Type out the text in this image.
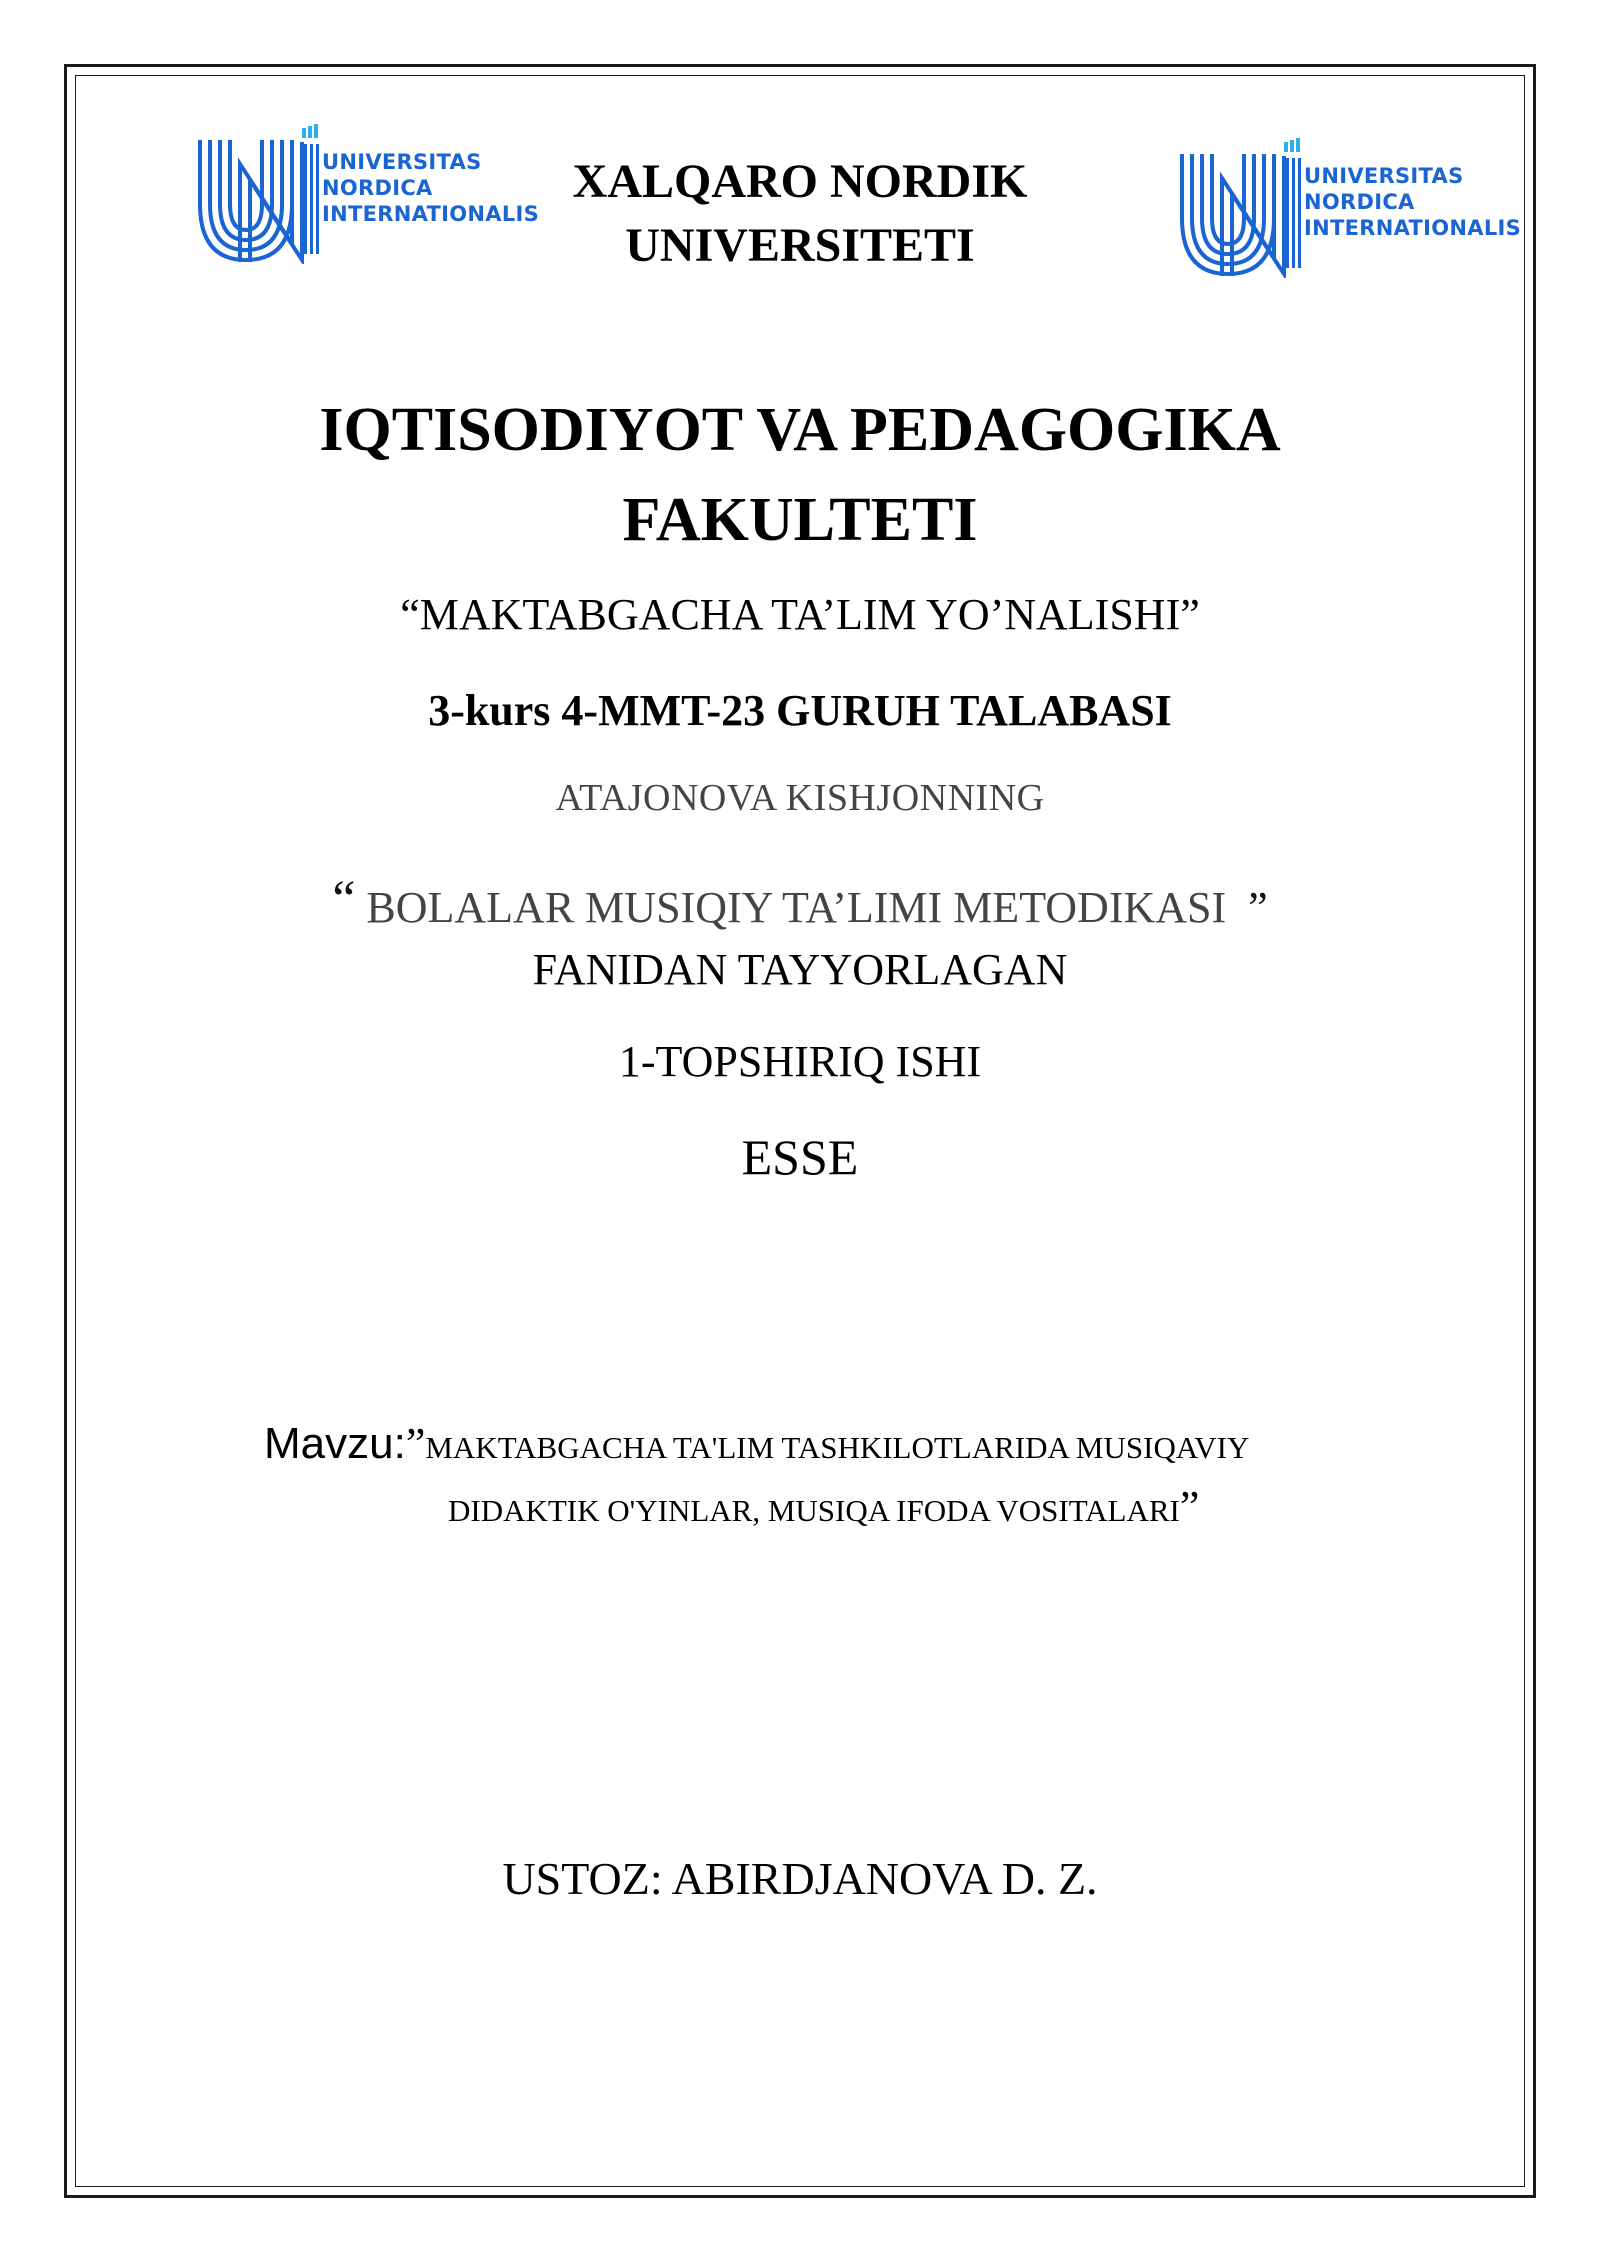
UNIVERSITAS
NORDICA
INTERNATIONALIS
UNIVERSITAS
NORDICA
INTERNATIONALIS
XALQARO NORDIK
UNIVERSITETI
IQTISODIYOT VA PEDAGOGIKA
FAKULTETI
“MAKTABGACHA TA’LIM YO’NALISHI”
3-kurs 4-MMT-23 GURUH TALABASI
ATAJONOVA KISHJONNING
“ BOLALAR MUSIQIY TA’LIMI METODIKASI  ”
FANIDAN TAYYORLAGAN
1-TOPSHIRIQ ISHI
ESSE
Mavzu:”MAKTABGACHA TA'LIM TASHKILOTLARIDA MUSIQAVIY
DIDAKTIK O'YINLAR, MUSIQA IFODA VOSITALARI”
USTOZ: ABIRDJANOVA D. Z.
